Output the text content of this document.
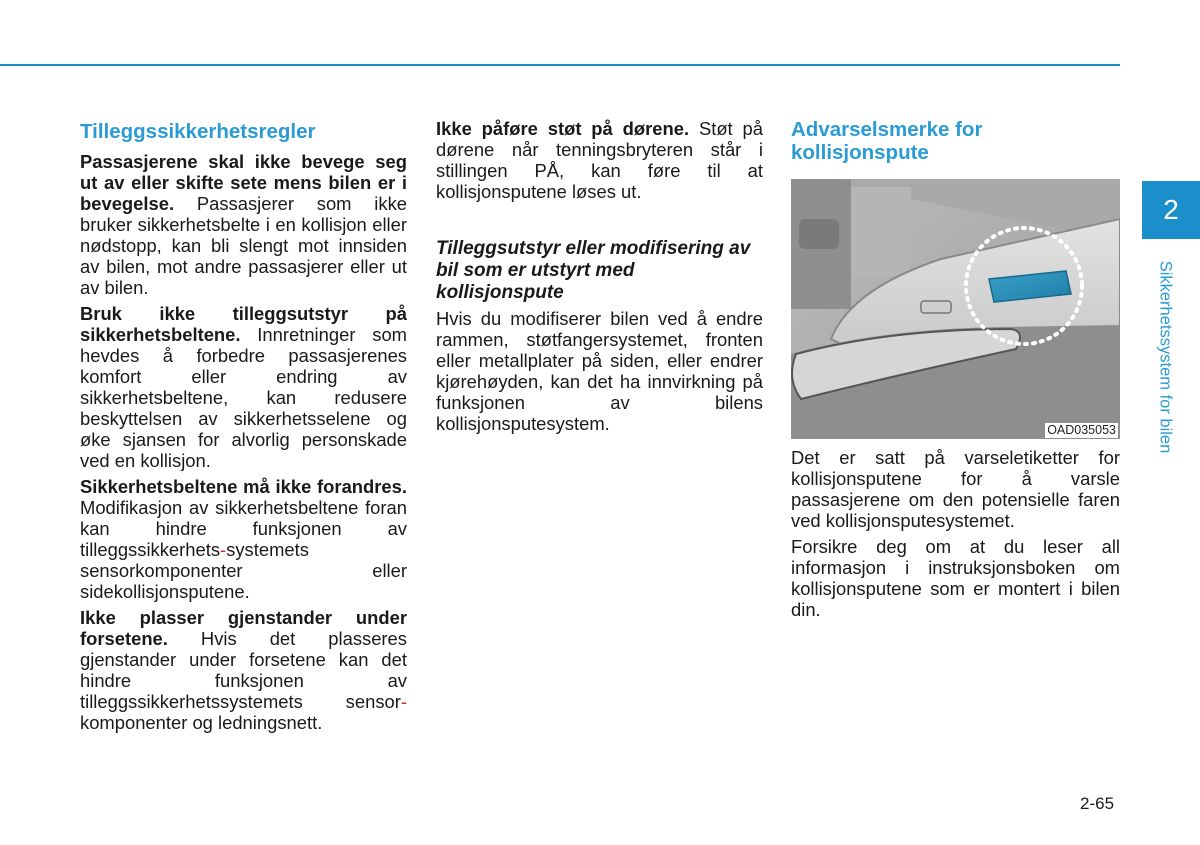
Tilleggssikkerhetsregler

Passasjerene skal ikke bevege seg ut av eller skifte sete mens bilen er i bevegelse. Passasjerer som ikke bruker sikkerhetsbelte i en kollisjon eller nødstopp, kan bli slengt mot innsiden av bilen, mot andre passasjerer eller ut av bilen.

Bruk ikke tilleggsutstyr på sikkerhetsbeltene. Innretninger som hevdes å forbedre passasjerenes komfort eller endring av sikkerhetsbeltene, kan redusere beskyttelsen av sikkerhetsselene og øke sjansen for alvorlig personskade ved en kollisjon.

Sikkerhetsbeltene må ikke forandres. Modifikasjon av sikkerhetsbeltene foran kan hindre funksjonen av tilleggssikkerhets-systemets sensorkomponenter eller sidekollisjonsputene.

Ikke plasser gjenstander under forsetene. Hvis det plasseres gjenstander under forsetene kan det hindre funksjonen av tilleggssikkerhetssystemets sensor-komponenter og ledningsnett.

Ikke påføre støt på dørene. Støt på dørene når tenningsbryteren står i stillingen PÅ, kan føre til at kollisjonsputene løses ut.

Tilleggsutstyr eller modifisering av bil som er utstyrt med kollisjonspute

Hvis du modifiserer bilen ved å endre rammen, støtfangersystemet, fronten eller metallplater på siden, eller endrer kjørehøyden, kan det ha innvirkning på funksjonen av bilens kollisjonsputesystem.

Advarselsmerke for kollisjonspute
OAD035053

Det er satt på varseletiketter for kollisjonsputene for å varsle passasjerene om den potensielle faren ved kollisjonsputesystemet.

Forsikre deg om at du leser all informasjon i instruksjonsboken om kollisjonsputene som er montert i bilen din.

2
Sikkerhetssystem for bilen
2-65
